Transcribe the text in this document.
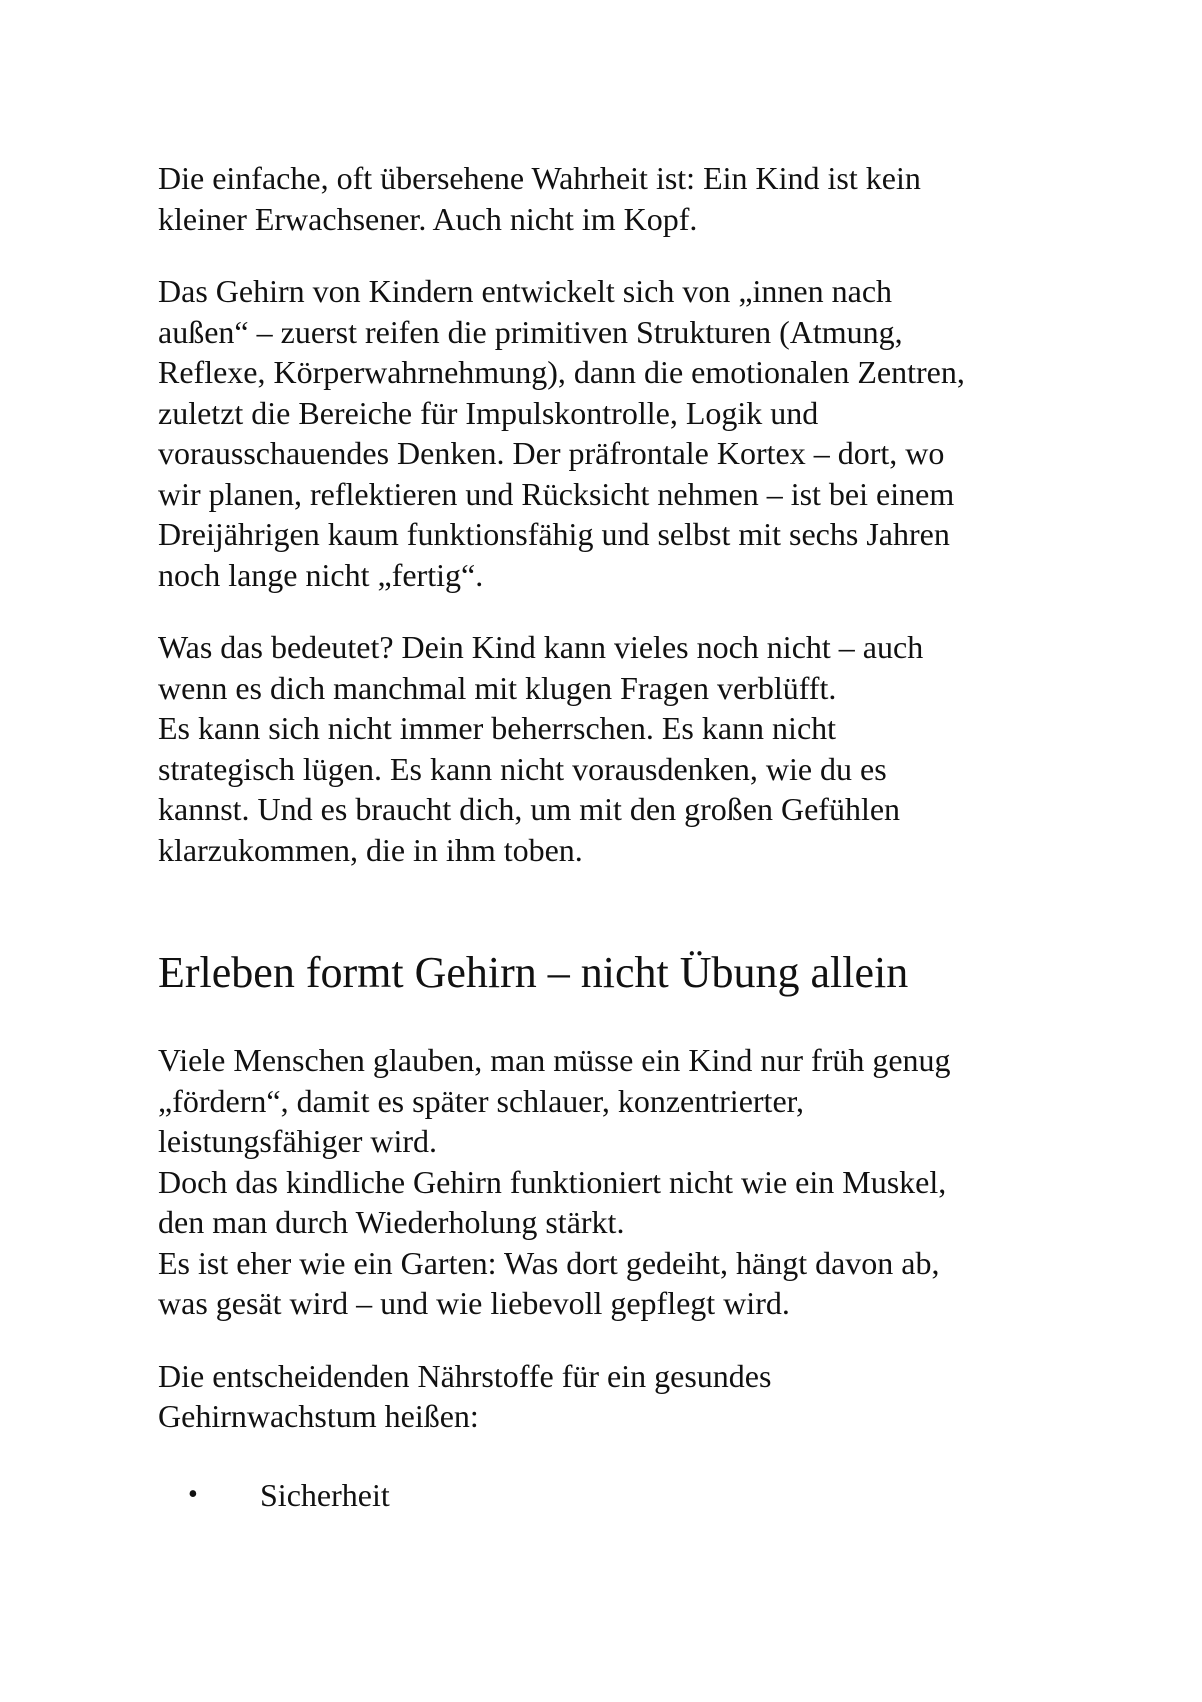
Die einfache, oft übersehene Wahrheit ist: Ein Kind ist kein
kleiner Erwachsener. Auch nicht im Kopf.

Das Gehirn von Kindern entwickelt sich von „innen nach
außen“ – zuerst reifen die primitiven Strukturen (Atmung,
Reflexe, Körperwahrnehmung), dann die emotionalen Zentren,
zuletzt die Bereiche für Impulskontrolle, Logik und
vorausschauendes Denken. Der präfrontale Kortex – dort, wo
wir planen, reflektieren und Rücksicht nehmen – ist bei einem
Dreijährigen kaum funktionsfähig und selbst mit sechs Jahren
noch lange nicht „fertig“.

Was das bedeutet? Dein Kind kann vieles noch nicht – auch
wenn es dich manchmal mit klugen Fragen verblüfft.
Es kann sich nicht immer beherrschen. Es kann nicht
strategisch lügen. Es kann nicht vorausdenken, wie du es
kannst. Und es braucht dich, um mit den großen Gefühlen
klarzukommen, die in ihm toben.

Erleben formt Gehirn – nicht Übung allein

Viele Menschen glauben, man müsse ein Kind nur früh genug
„fördern“, damit es später schlauer, konzentrierter,
leistungsfähiger wird.
Doch das kindliche Gehirn funktioniert nicht wie ein Muskel,
den man durch Wiederholung stärkt.
Es ist eher wie ein Garten: Was dort gedeiht, hängt davon ab,
was gesät wird – und wie liebevoll gepflegt wird.

Die entscheidenden Nährstoffe für ein gesundes
Gehirnwachstum heißen:

• Sicherheit
